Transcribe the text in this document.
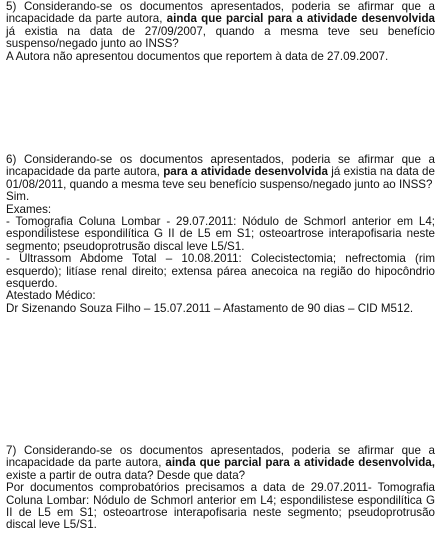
5) Considerando-se os documentos apresentados, poderia se afirmar que a incapacidade da parte autora, ainda que parcial para a atividade desenvolvida já existia na data de 27/09/2007, quando a mesma teve seu benefício suspenso/negado junto ao INSS?

A Autora não apresentou documentos que reportem à data de 27.09.2007.

6) Considerando-se os documentos apresentados, poderia se afirmar que a incapacidade da parte autora, para a atividade desenvolvida já existia na data de 01/08/2011, quando a mesma teve seu benefício suspenso/negado junto ao INSS?

Sim.

Exames:

- Tomografia Coluna Lombar - 29.07.2011: Nódulo de Schmorl anterior em L4; espondilistese espondilítica G II de L5 em S1; osteoartrose interapofisaria neste segmento; pseudoprotrusão discal leve L5/S1.

- Ultrassom Abdome Total – 10.08.2011: Colecistectomia; nefrectomia (rim esquerdo); litíase renal direito; extensa párea anecoica na região do hipocôndrio esquerdo.

Atestado Médico:

Dr Sizenando Souza Filho – 15.07.2011 – Afastamento de 90 dias – CID M512.

7) Considerando-se os documentos apresentados, poderia se afirmar que a incapacidade da parte autora, ainda que parcial para a atividade desenvolvida, existe a partir de outra data? Desde que data?

Por documentos comprobatórios precisamos a data de 29.07.2011- Tomografia Coluna Lombar: Nódulo de Schmorl anterior em L4; espondilistese espondilítica G II de L5 em S1; osteoartrose interapofisaria neste segmento; pseudoprotrusão discal leve L5/S1.
